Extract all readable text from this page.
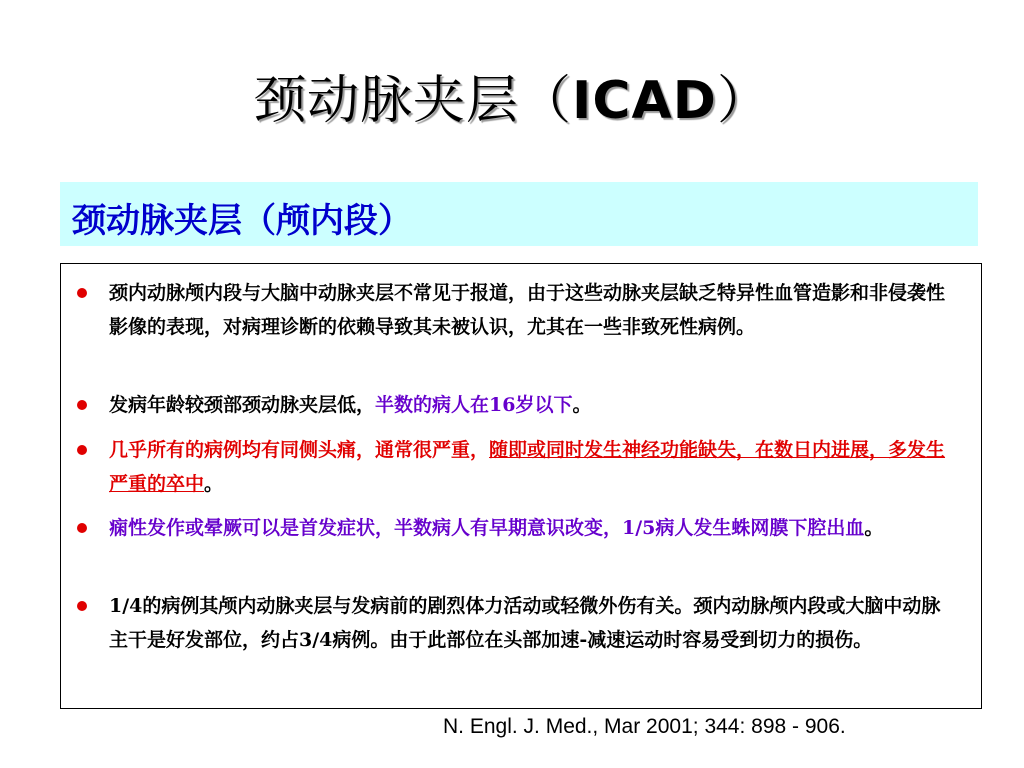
颈动脉夹层（ICAD）
颈动脉夹层（颅内段）
颈内动脉颅内段与大脑中动脉夹层不常见于报道，由于这些动脉夹层缺乏特异性血管造影和非侵袭性影像的表现，对病理诊断的依赖导致其未被认识，尤其在一些非致死性病例。
发病年龄较颈部颈动脉夹层低，半数的病人在16岁以下。
几乎所有的病例均有同侧头痛，通常很严重，随即或同时发生神经功能缺失，在数日内进展，多发生严重的卒中。
痫性发作或晕厥可以是首发症状，半数病人有早期意识改变，1/5病人发生蛛网膜下腔出血。
1/4的病例其颅内动脉夹层与发病前的剧烈体力活动或轻微外伤有关。颈内动脉颅内段或大脑中动脉主干是好发部位，约占3/4病例。由于此部位在头部加速-减速运动时容易受到切力的损伤。
N. Engl. J. Med., Mar 2001; 344: 898 - 906.
